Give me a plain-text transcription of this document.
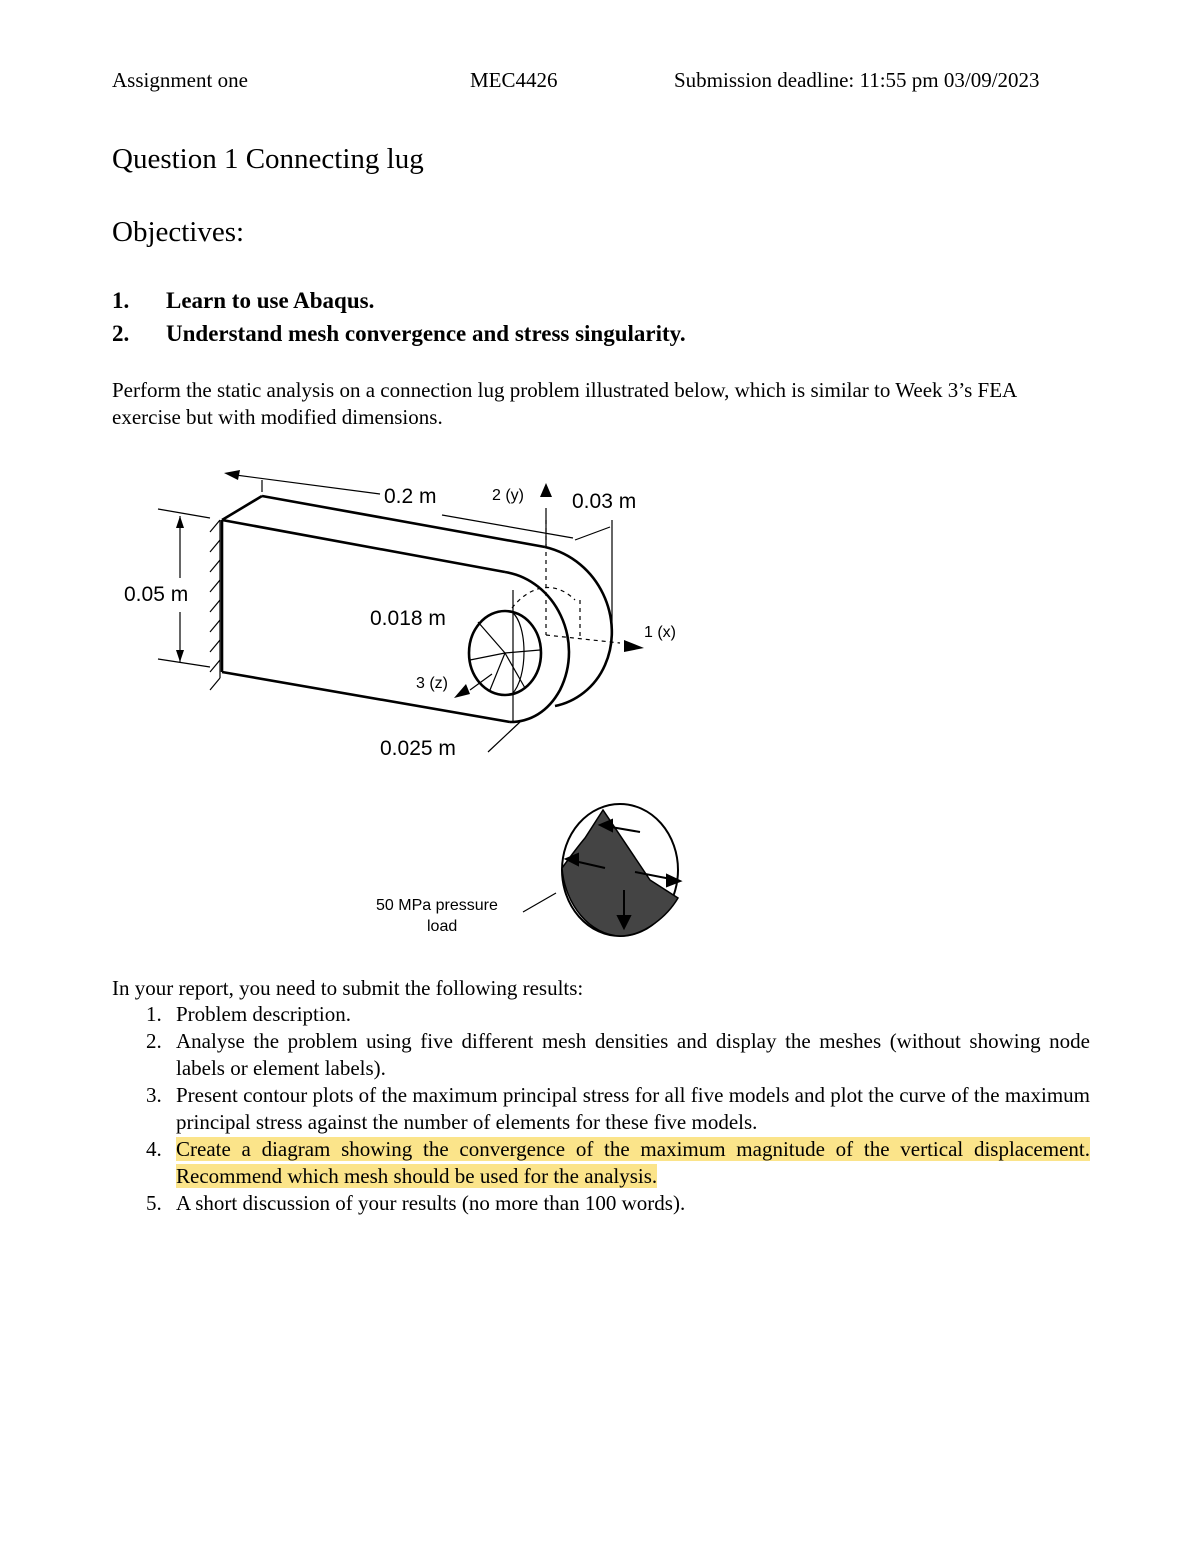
Assignment one	MEC4426	Submission deadline: 11:55 pm 03/09/2023
Question 1 Connecting lug
Objectives:
1. Learn to use Abaqus.
2. Understand mesh convergence and stress singularity.
Perform the static analysis on a connection lug problem illustrated below, which is similar to Week 3’s FEA exercise but with modified dimensions.
0.2 m	2 (y) 0.03 m
0.05 m
0.018 m
1 (x)
3 (z)
0.025 m
50 MPa pressure
load
In your report, you need to submit the following results:
1. Problem description.
2. Analyse the problem using five different mesh densities and display the meshes (without showing node labels or element labels).
3. Present contour plots of the maximum principal stress for all five models and plot the curve of the maximum principal stress against the number of elements for these five models.
4. Create a diagram showing the convergence of the maximum magnitude of the vertical displacement. Recommend which mesh should be used for the analysis.
5. A short discussion of your results (no more than 100 words).
